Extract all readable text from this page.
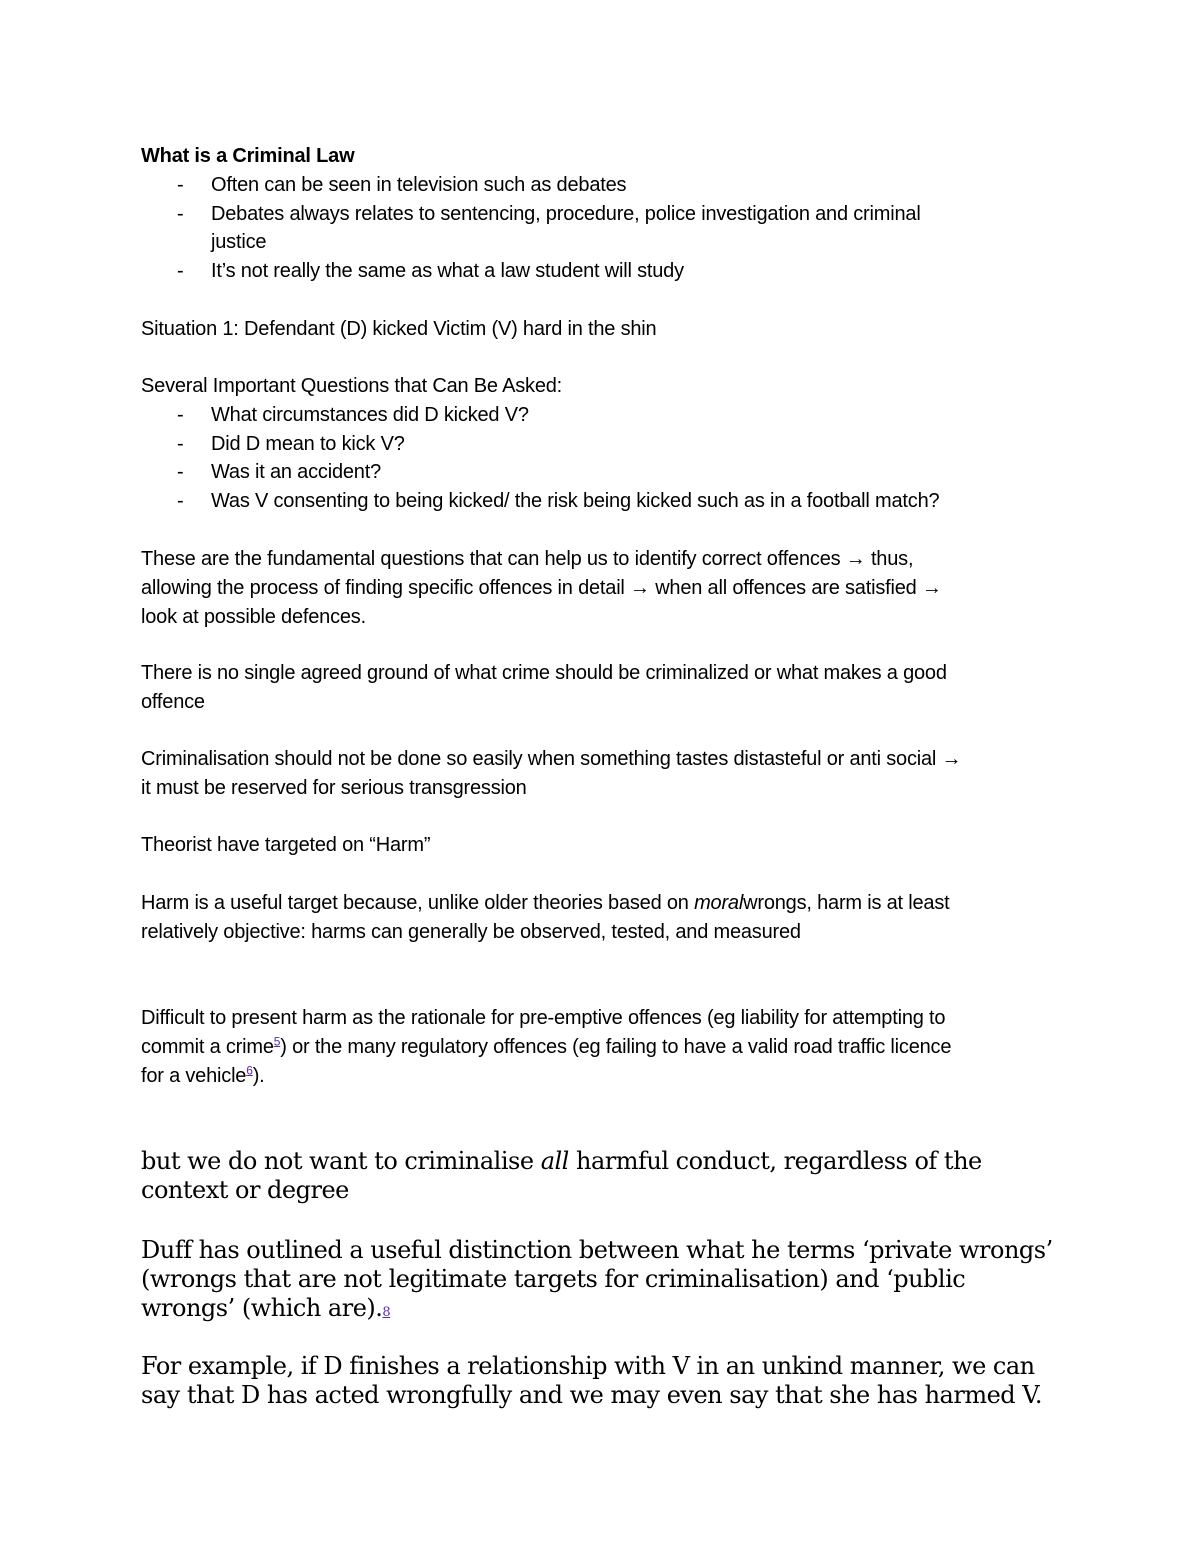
What is a Criminal Law
- Often can be seen in television such as debates
- Debates always relates to sentencing, procedure, police investigation and criminal
justice
- It’s not really the same as what a law student will study
Situation 1: Defendant (D) kicked Victim (V) hard in the shin
Several Important Questions that Can Be Asked:
- What circumstances did D kicked V?
- Did D mean to kick V?
- Was it an accident?
- Was V consenting to being kicked/ the risk being kicked such as in a football match?
These are the fundamental questions that can help us to identify correct offences → thus,
allowing the process of finding specific offences in detail → when all offences are satisfied →
look at possible defences.
There is no single agreed ground of what crime should be criminalized or what makes a good
offence
Criminalisation should not be done so easily when something tastes distasteful or anti social →
it must be reserved for serious transgression
Theorist have targeted on “Harm”
Harm is a useful target because, unlike older theories based on moralwrongs, harm is at least
relatively objective: harms can generally be observed, tested, and measured
Difficult to present harm as the rationale for pre-emptive offences (eg liability for attempting to
commit a crime$^5$) or the many regulatory offences (eg failing to have a valid road traffic licence
for a vehicle$^6$).
but we do not want to criminalise all harmful conduct, regardless of the
context or degree
Duff has outlined a useful distinction between what he terms ‘private wrongs’
(wrongs that are not legitimate targets for criminalisation) and ‘public
wrongs’ (which are).8
For example, if D finishes a relationship with V in an unkind manner, we can
say that D has acted wrongfully and we may even say that she has harmed V.
